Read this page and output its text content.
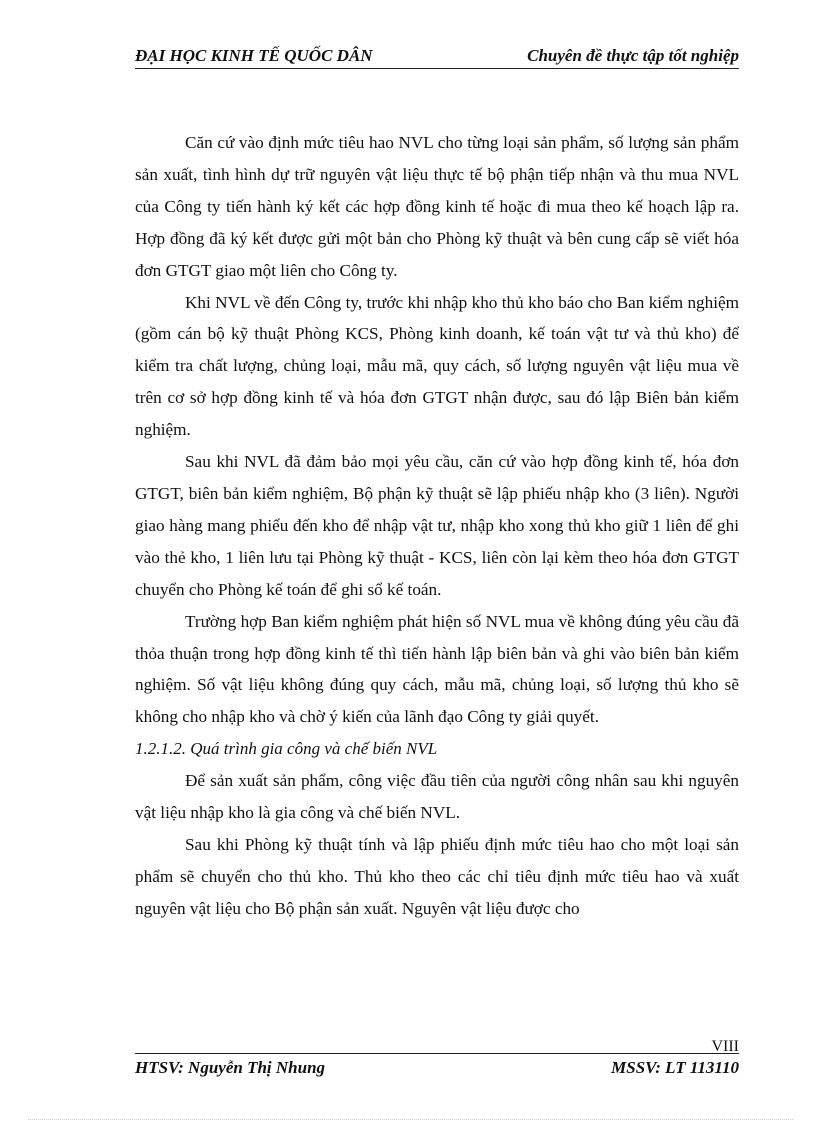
ĐẠI HỌC KINH TẾ QUỐC DÂN	Chuyên đề thực tập tốt nghiệp

Căn cứ vào định mức tiêu hao NVL cho từng loại sản phẩm, số lượng sản phẩm sản xuất, tình hình dự trữ nguyên vật liệu thực tế bộ phận tiếp nhận và thu mua NVL của Công ty tiến hành ký kết các hợp đồng kinh tế hoặc đi mua theo kế hoạch lập ra. Hợp đồng đã ký kết được gửi một bản cho Phòng kỹ thuật và bên cung cấp sẽ viết hóa đơn GTGT giao một liên cho Công ty.

Khi NVL về đến Công ty, trước khi nhập kho thủ kho báo cho Ban kiểm nghiệm (gồm cán bộ kỹ thuật Phòng KCS, Phòng kinh doanh, kế toán vật tư và thủ kho) để kiểm tra chất lượng, chủng loại, mẫu mã, quy cách, số lượng nguyên vật liệu mua về trên cơ sở hợp đồng kinh tế và hóa đơn GTGT nhận được, sau đó lập Biên bản kiểm nghiệm.

Sau khi NVL đã đảm bảo mọi yêu cầu, căn cứ vào hợp đồng kinh tế, hóa đơn GTGT, biên bản kiểm nghiệm, Bộ phận kỹ thuật sẽ lập phiếu nhập kho (3 liên). Người giao hàng mang phiếu đến kho để nhập vật tư, nhập kho xong thủ kho giữ 1 liên để ghi vào thẻ kho, 1 liên lưu tại Phòng kỹ thuật - KCS, liên còn lại kèm theo hóa đơn GTGT chuyển cho Phòng kế toán để ghi sổ kế toán.

Trường hợp Ban kiểm nghiệm phát hiện số NVL mua về không đúng yêu cầu đã thỏa thuận trong hợp đồng kinh tế thì tiến hành lập biên bản và ghi vào biên bản kiểm nghiệm. Số vật liệu không đúng quy cách, mẫu mã, chủng loại, số lượng thủ kho sẽ không cho nhập kho và chờ ý kiến của lãnh đạo Công ty giải quyết.

1.2.1.2. Quá trình gia công và chế biến NVL

Để sản xuất sản phẩm, công việc đầu tiên của người công nhân sau khi nguyên vật liệu nhập kho là gia công và chế biến NVL.

Sau khi Phòng kỹ thuật tính và lập phiếu định mức tiêu hao cho một loại sản phẩm sẽ chuyển cho thủ kho. Thủ kho theo các chỉ tiêu định mức tiêu hao và xuất nguyên vật liệu cho Bộ phận sản xuất. Nguyên vật liệu được cho

VIII
HTSV: Nguyễn Thị Nhung	MSSV: LT 113110
